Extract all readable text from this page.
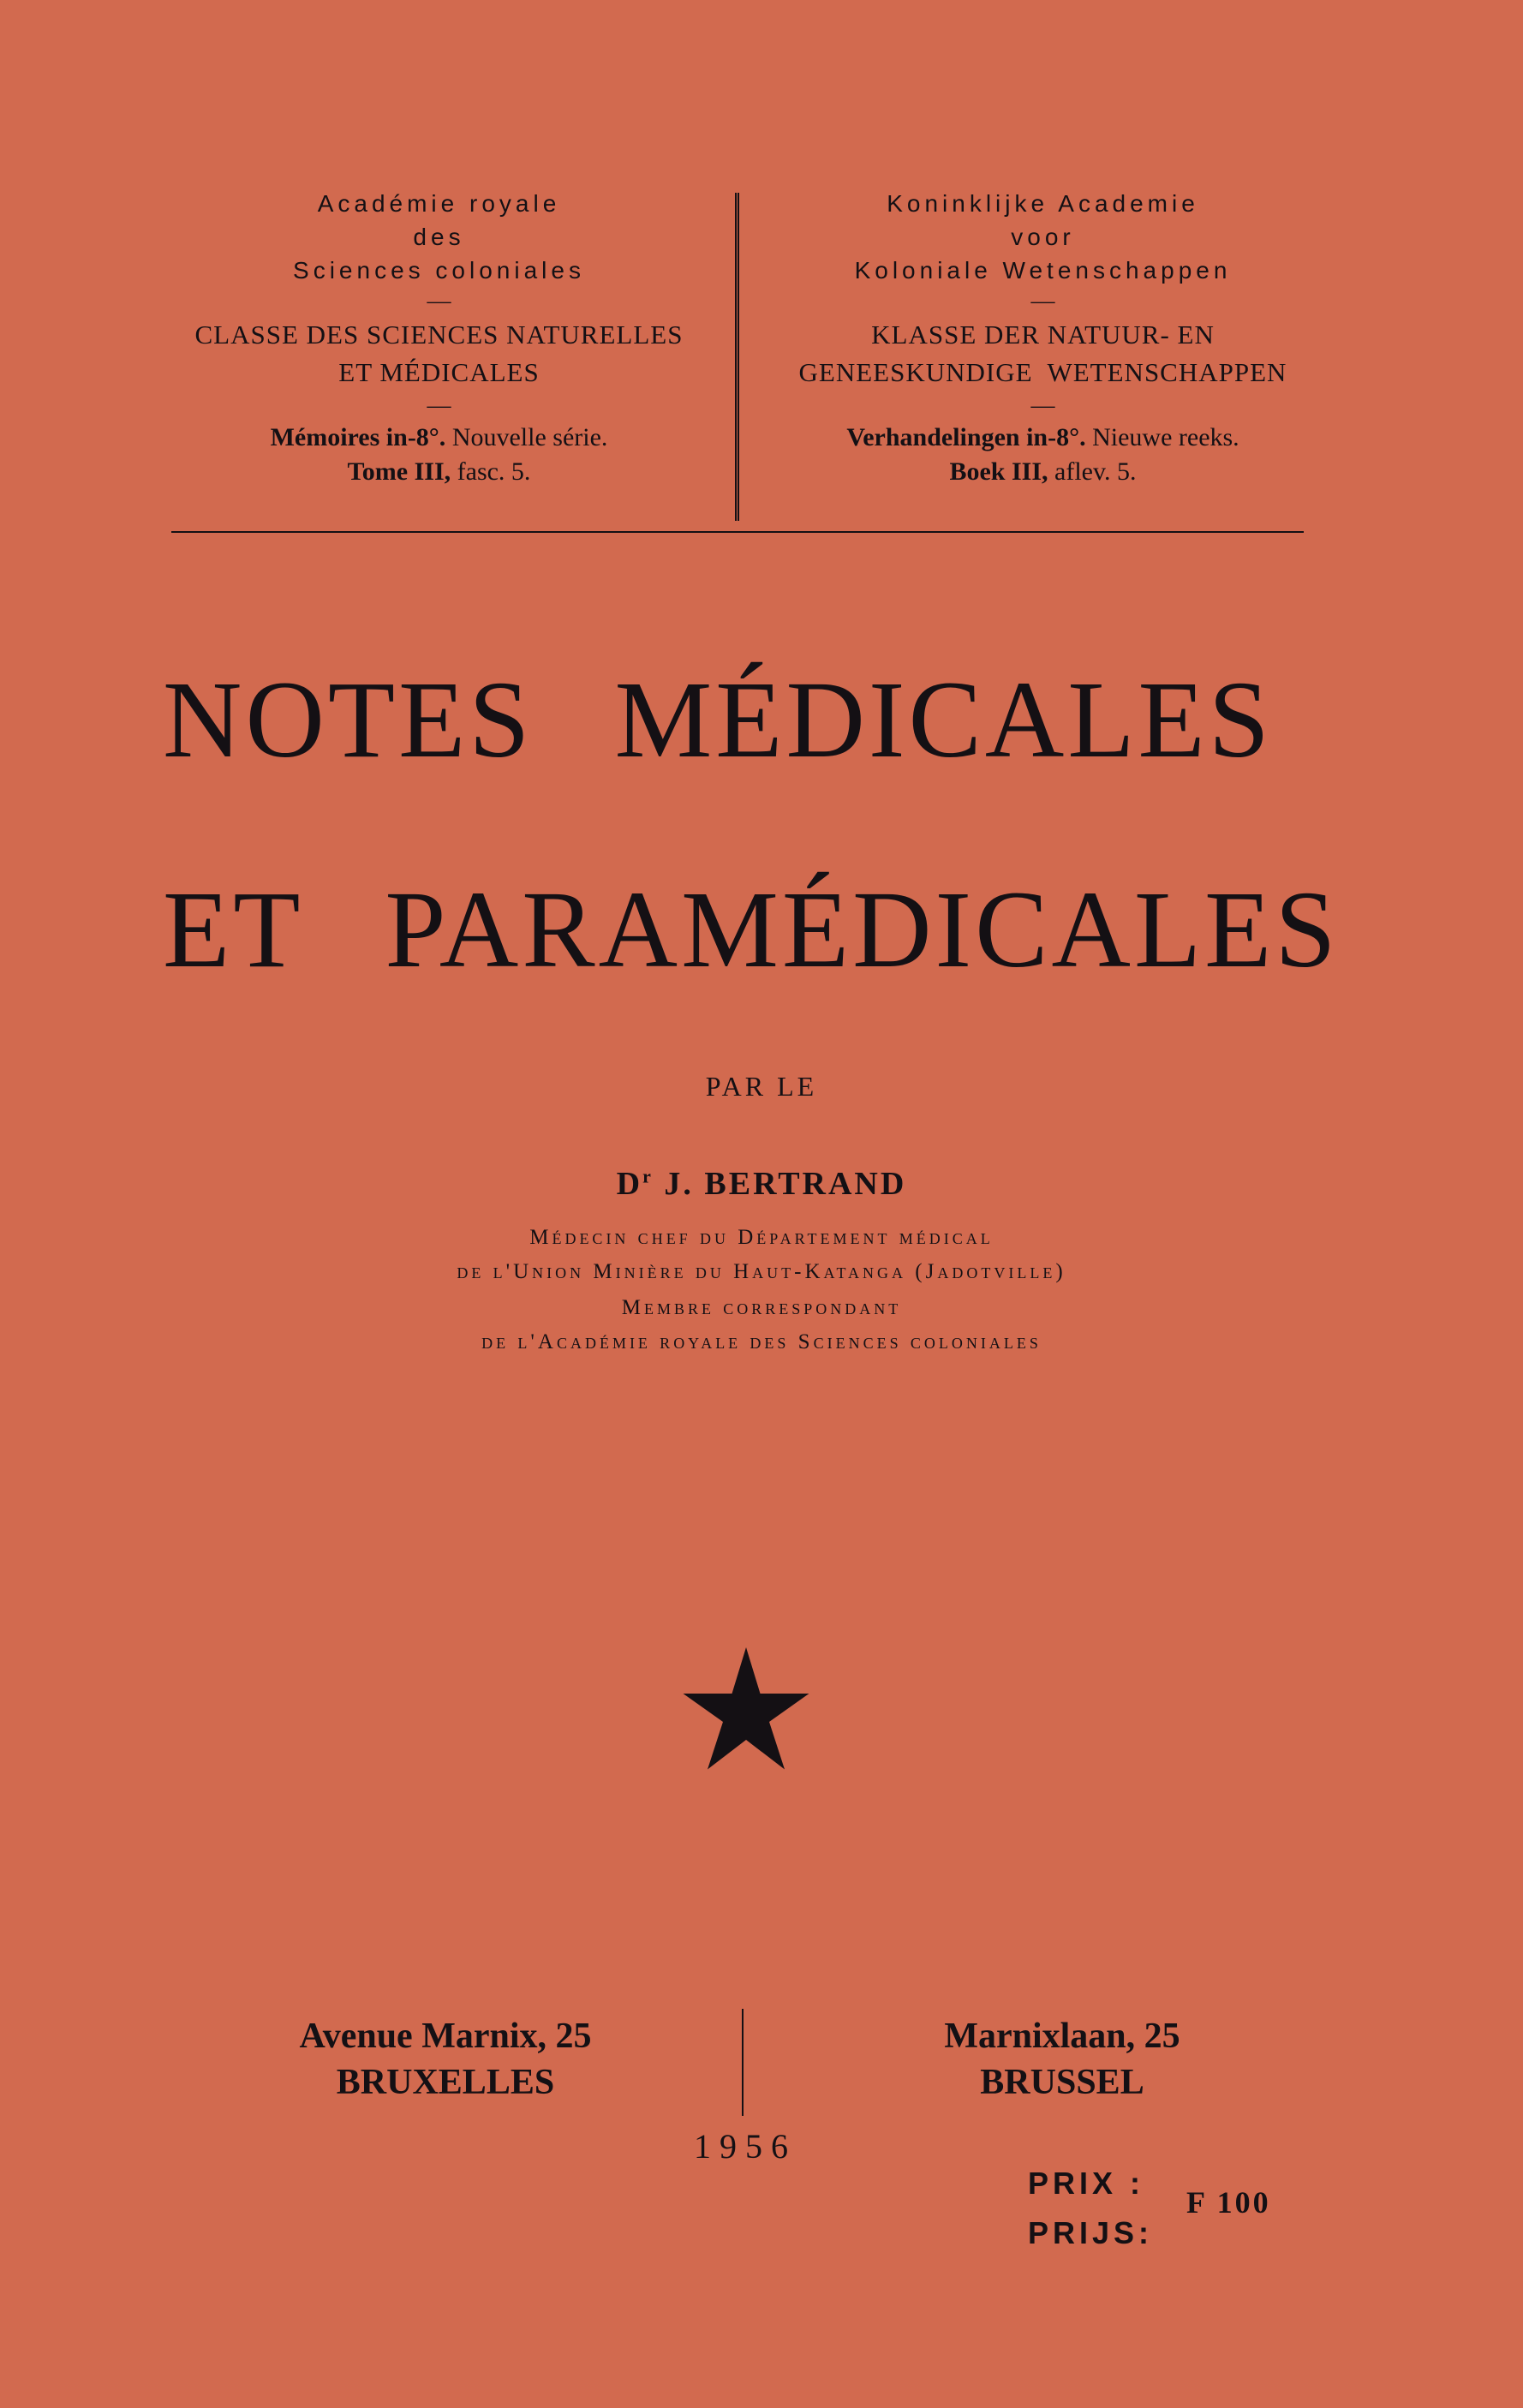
Académie royale
des
Sciences coloniales
—
CLASSE DES SCIENCES NATURELLES
ET MÉDICALES
—
Mémoires in-8°. Nouvelle série.
Tome III, fasc. 5.
Koninklijke Academie
voor
Koloniale Wetenschappen
—
KLASSE DER NATUUR- EN
GENEESKUNDIGE  WETENSCHAPPEN
—
Verhandelingen in-8°. Nieuwe reeks.
Boek III, aflev. 5.
NOTES MÉDICALES
ET PARAMÉDICALES
PAR LE
$D^r$ J. BERTRAND
Médecin chef du Département médical
de l'Union Minière du Haut-Katanga (Jadotville)
Membre correspondant
de l'Académie royale des Sciences coloniales
Avenue Marnix, 25
BRUXELLES
Marnixlaan, 25
BRUSSEL
1956
PRIX :
PRIJS:
F 100
